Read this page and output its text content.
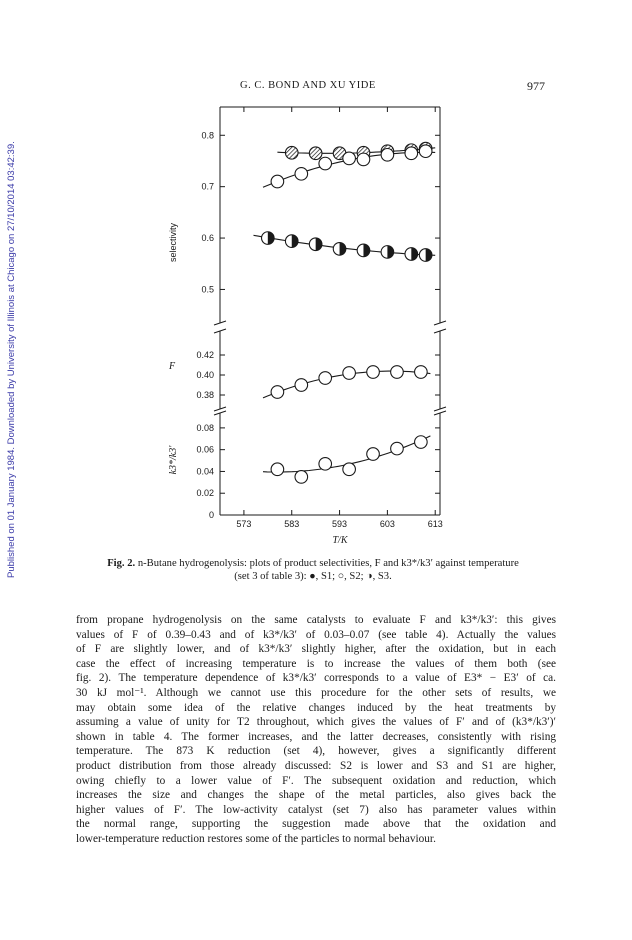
Published on 01 January 1984. Downloaded by University of Illinois at Chicago on 27/10/2014 03:42:39.
G. C. BOND AND XU YIDE	977
573	583	593	603	613
T/K
0.8
0.7
0.6
0.5
selectivity
0.42
0.40
0.38
F
0.08
0.06
0.04
0.02
0
k3*/k3'
Fig. 2. n-Butane hydrogenolysis: plots of product selectivities, F and k3*/k3′ against temperature
(set 3 of table 3): ●, S1; ○, S2; ◑, S3.
from propane hydrogenolysis on the same catalysts to evaluate F and k3*/k3′: this gives
values of F of 0.39–0.43 and of k3*/k3′ of 0.03–0.07 (see table 4). Actually the values
of F are slightly lower, and of k3*/k3′ slightly higher, after the oxidation, but in each
case the effect of increasing temperature is to increase the values of them both (see
fig. 2). The temperature dependence of k3*/k3′ corresponds to a value of E3* − E3′ of ca.
30 kJ mol⁻¹. Although we cannot use this procedure for the other sets of results, we
may obtain some idea of the relative changes induced by the heat treatments by
assuming a value of unity for T2 throughout, which gives the values of F′ and of (k3*/k3′)′
shown in table 4. The former increases, and the latter decreases, consistently with rising
temperature. The 873 K reduction (set 4), however, gives a significantly different
product distribution from those already discussed: S2 is lower and S3 and S1 are higher,
owing chiefly to a lower value of F′. The subsequent oxidation and reduction, which
increases the size and changes the shape of the metal particles, also gives back the
higher values of F′. The low-activity catalyst (set 7) also has parameter values within
the normal range, supporting the suggestion made above that the oxidation and
lower-temperature reduction restores some of the particles to normal behaviour.
